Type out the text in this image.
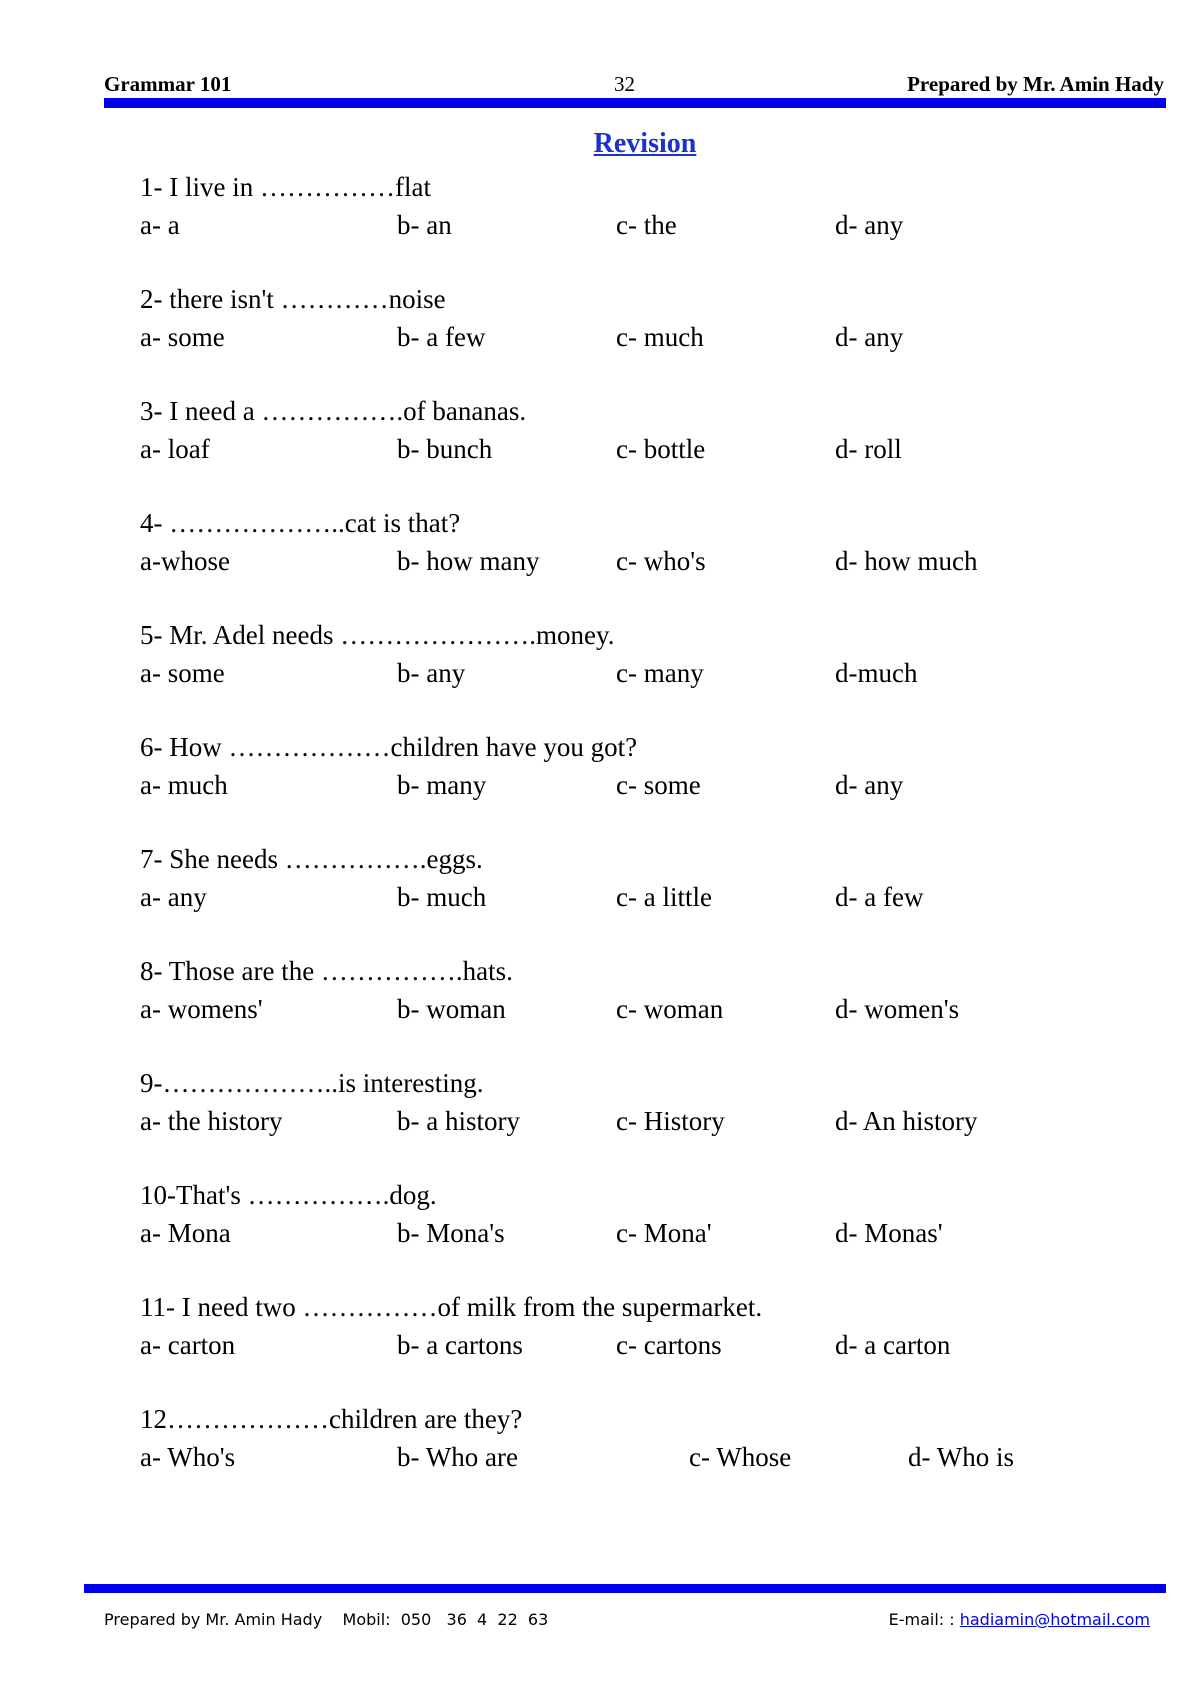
Grammar 101	32	Prepared by Mr. Amin Hady
Revision
1- I live in ……………flat
a- a	b- an	c- the	d- any
2- there isn't …………noise
a- some	b- a few	c- much	d- any
3- I need a …………….of bananas.
a- loaf	b- bunch	c- bottle	d- roll
4- ………………..cat is that?
a-whose	b- how many	c- who's	d- how much
5- Mr. Adel needs ………………….money.
a- some	b- any	c- many	d-much
6- How ………………children have you got?
a- much	b- many	c- some	d- any
7- She needs …………….eggs.
a- any	b- much	c- a little	d- a few
8- Those are the …………….hats.
a- womens'	b- woman	c- woman	d- women's
9-………………..is interesting.
a- the history	b- a history	c- History	d- An history
10-That's …………….dog.
a- Mona	b- Mona's	c- Mona'	d- Monas'
11- I need two ……………of milk from the supermarket.
a- carton	b- a cartons	c- cartons	d- a carton
12………………children are they?
a- Who's	b- Who are	c- Whose	d- Who is
Prepared by Mr. Amin Hady    Mobil:  050   36  4  22  63	E-mail: : hadiamin@hotmail.com
